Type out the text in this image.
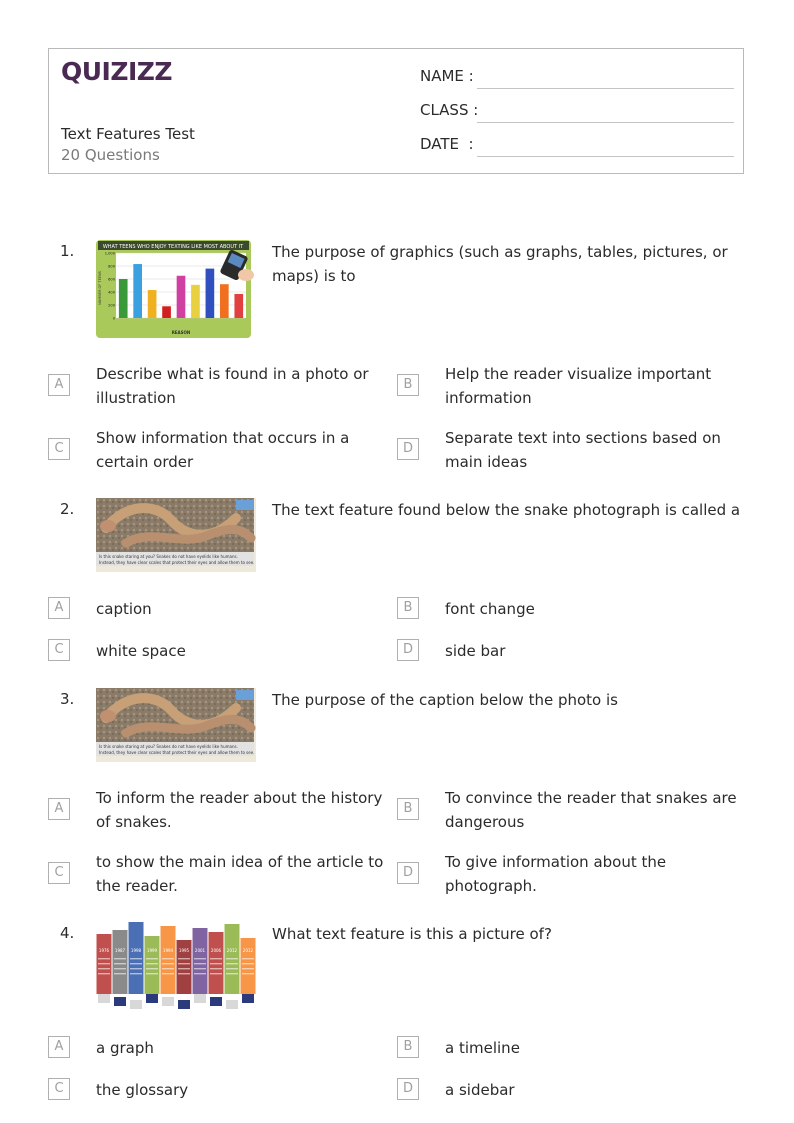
QUIZIZZ
Text Features Test
20 Questions
NAME :
CLASS :
DATE  :
1.	WHAT TEENS WHO ENJOY TEXTING LIKE MOST ABOUT IT
1,000
800
600
400
200
0
NUMBER OF TEENS
REASON
The purpose of graphics (such as graphs, tables, pictures, or maps) is to
A
Describe what is found in a photo or illustration
B
Help the reader visualize important information
C
Show information that occurs in a certain order
D
Separate text into sections based on main ideas
2.
Is this snake staring at you? Snakes do not have eyelids like humans.
Instead, they have clear scales that protect their eyes and allow them to see.
The text feature found below the snake photograph is called a
A	caption	B	font change
C	white space	D	side bar
3.
Is this snake staring at you? Snakes do not have eyelids like humans.
Instead, they have clear scales that protect their eyes and allow them to see.
The purpose of the caption below the photo is
A
To inform the reader about the history of snakes.
B
To convince the reader that snakes are dangerous
C
to show the main idea of the article to the reader.
D
To give information about the photograph.
4.
1976 1987 1998 1999 1994 1995 2001 2006 2012 2012
What text feature is this a picture of?
A	a graph	B	a timeline
C	the glossary	D	a sidebar
